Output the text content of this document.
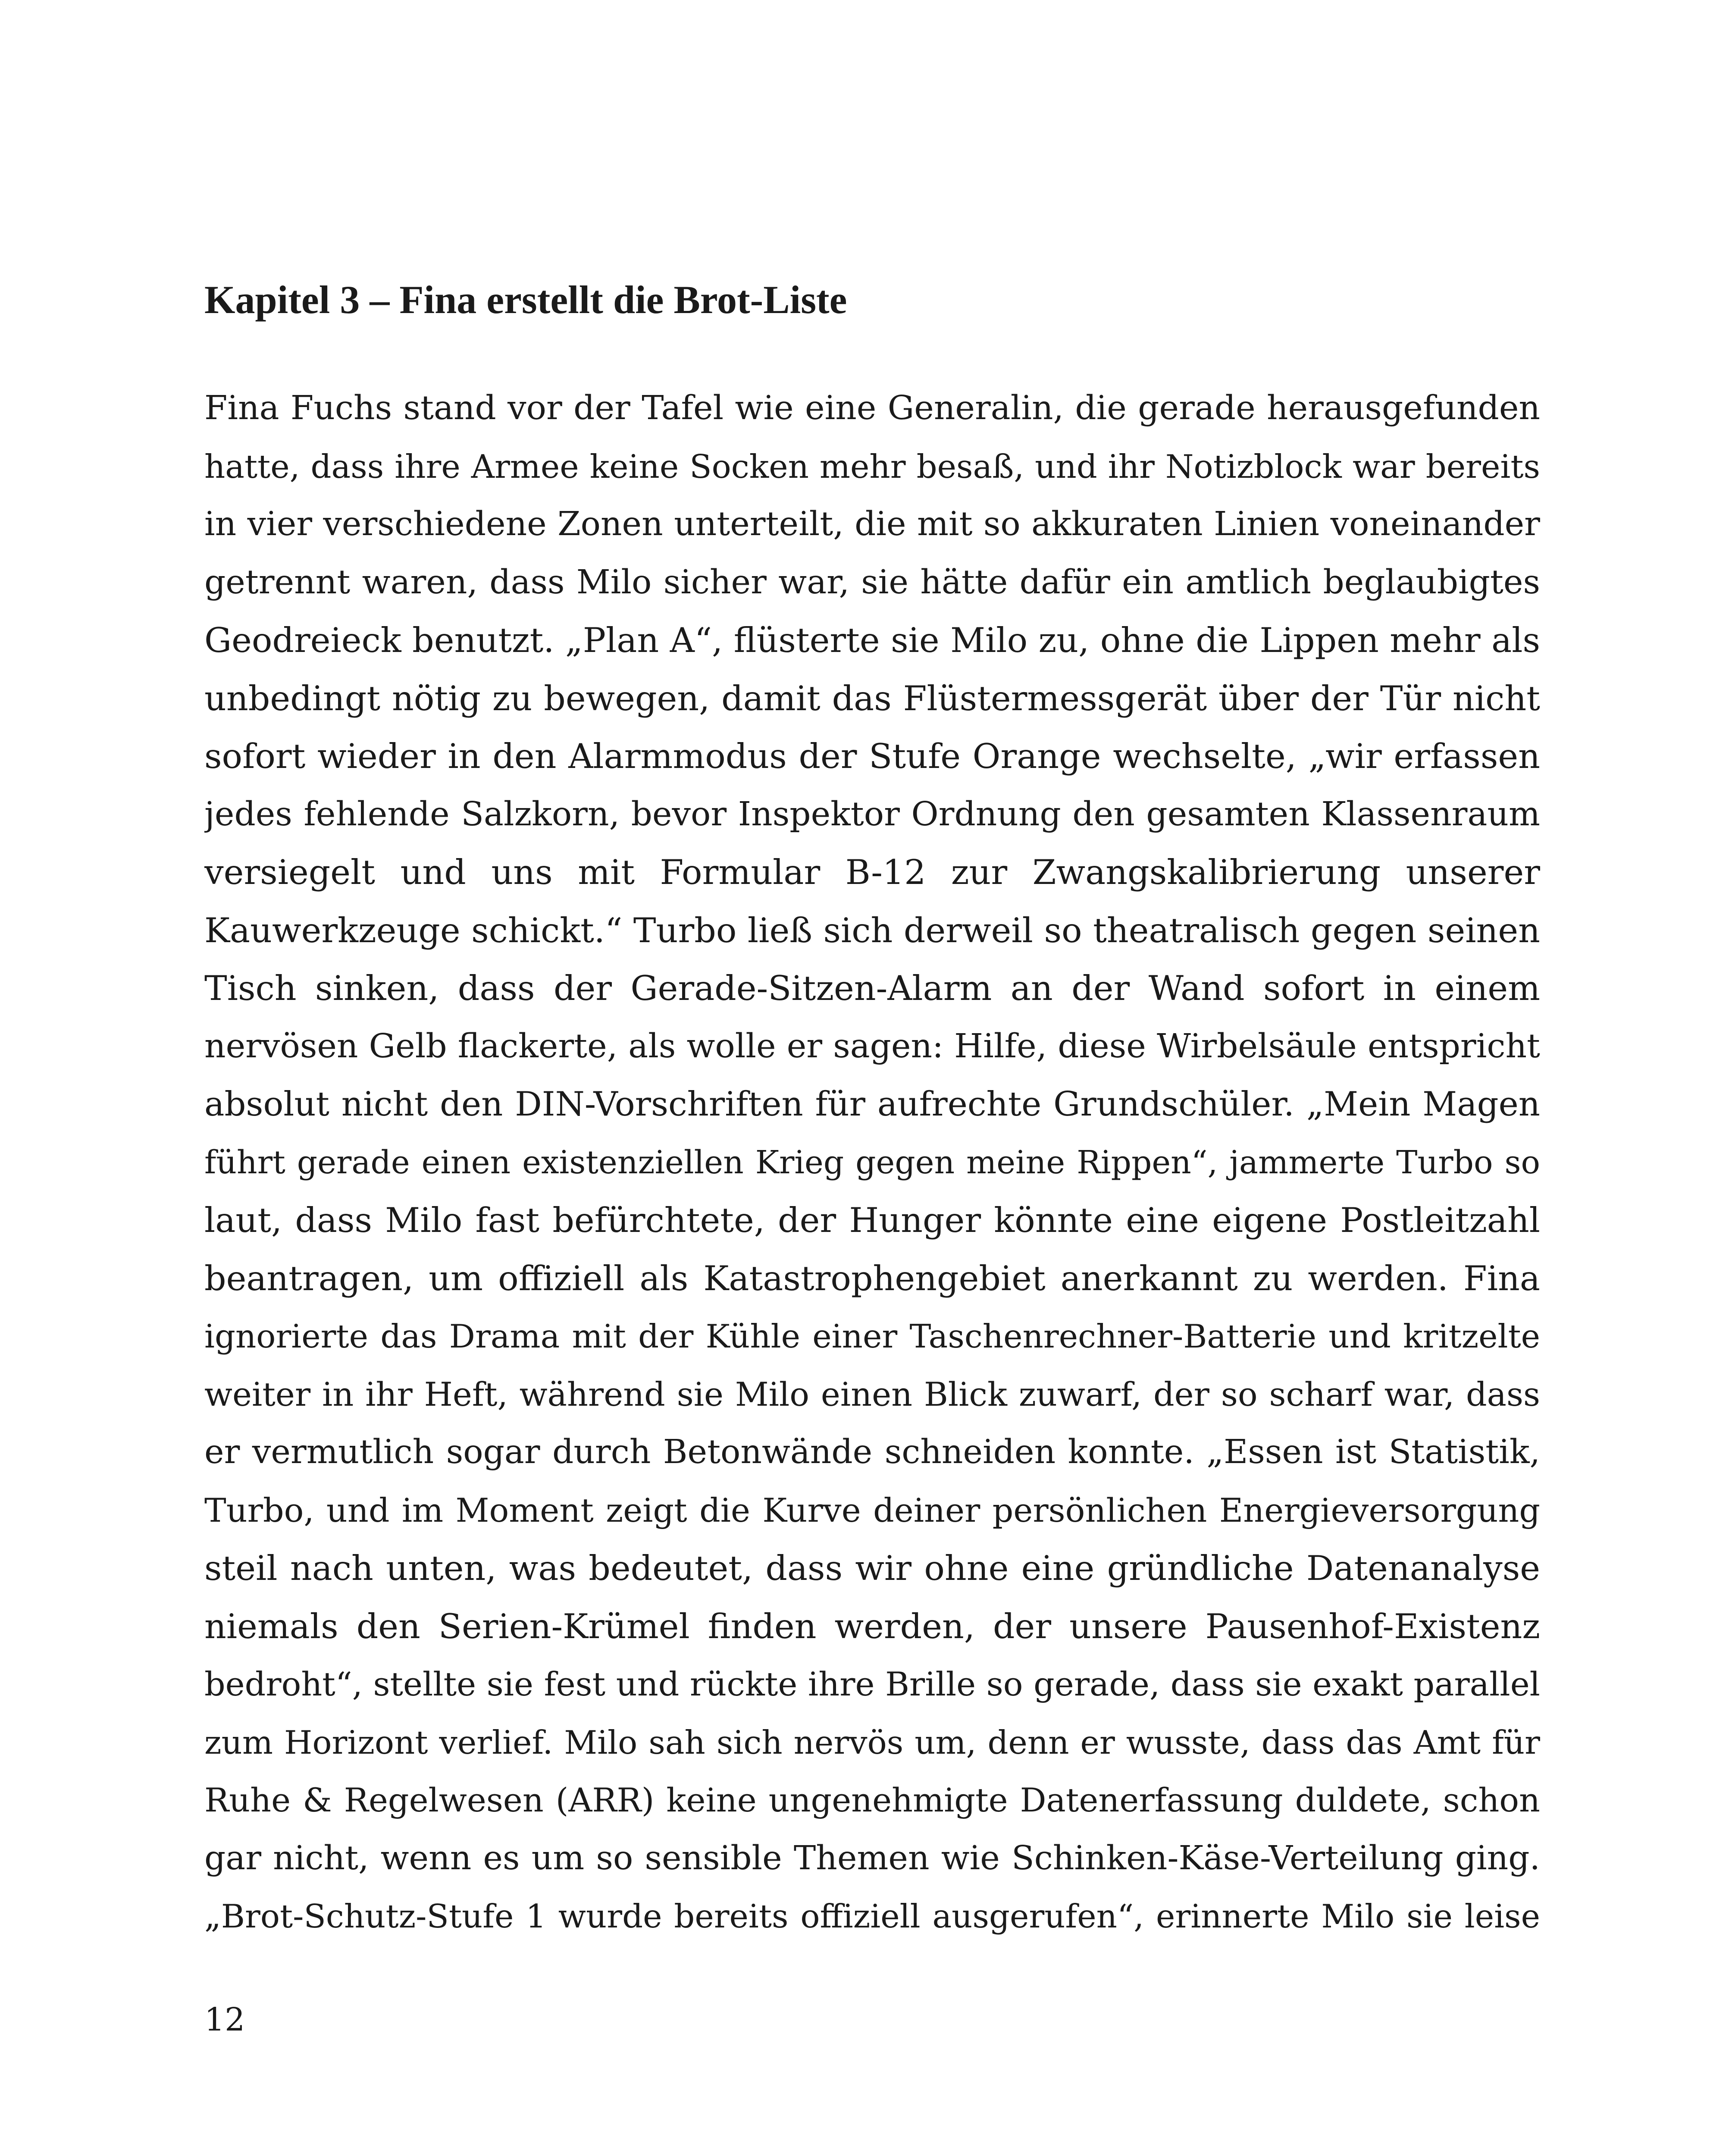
Kapitel 3 – Fina erstellt die Brot-Liste
Fina Fuchs stand vor der Tafel wie eine Generalin, die gerade herausgefunden
hatte, dass ihre Armee keine Socken mehr besaß, und ihr Notizblock war bereits
in vier verschiedene Zonen unterteilt, die mit so akkuraten Linien voneinander
getrennt waren, dass Milo sicher war, sie hätte dafür ein amtlich beglaubigtes
Geodreieck benutzt. „Plan A“, flüsterte sie Milo zu, ohne die Lippen mehr als
unbedingt nötig zu bewegen, damit das Flüstermessgerät über der Tür nicht
sofort wieder in den Alarmmodus der Stufe Orange wechselte, „wir erfassen
jedes fehlende Salzkorn, bevor Inspektor Ordnung den gesamten Klassenraum
versiegelt und uns mit Formular B-12 zur Zwangskalibrierung unserer
Kauwerkzeuge schickt.“ Turbo ließ sich derweil so theatralisch gegen seinen
Tisch sinken, dass der Gerade-Sitzen-Alarm an der Wand sofort in einem
nervösen Gelb flackerte, als wolle er sagen: Hilfe, diese Wirbelsäule entspricht
absolut nicht den DIN-Vorschriften für aufrechte Grundschüler. „Mein Magen
führt gerade einen existenziellen Krieg gegen meine Rippen“, jammerte Turbo so
laut, dass Milo fast befürchtete, der Hunger könnte eine eigene Postleitzahl
beantragen, um offiziell als Katastrophengebiet anerkannt zu werden. Fina
ignorierte das Drama mit der Kühle einer Taschenrechner-Batterie und kritzelte
weiter in ihr Heft, während sie Milo einen Blick zuwarf, der so scharf war, dass
er vermutlich sogar durch Betonwände schneiden konnte. „Essen ist Statistik,
Turbo, und im Moment zeigt die Kurve deiner persönlichen Energieversorgung
steil nach unten, was bedeutet, dass wir ohne eine gründliche Datenanalyse
niemals den Serien-Krümel finden werden, der unsere Pausenhof-Existenz
bedroht“, stellte sie fest und rückte ihre Brille so gerade, dass sie exakt parallel
zum Horizont verlief. Milo sah sich nervös um, denn er wusste, dass das Amt für
Ruhe & Regelwesen (ARR) keine ungenehmigte Datenerfassung duldete, schon
gar nicht, wenn es um so sensible Themen wie Schinken-Käse-Verteilung ging.
„Brot-Schutz-Stufe 1 wurde bereits offiziell ausgerufen“, erinnerte Milo sie leise
12
